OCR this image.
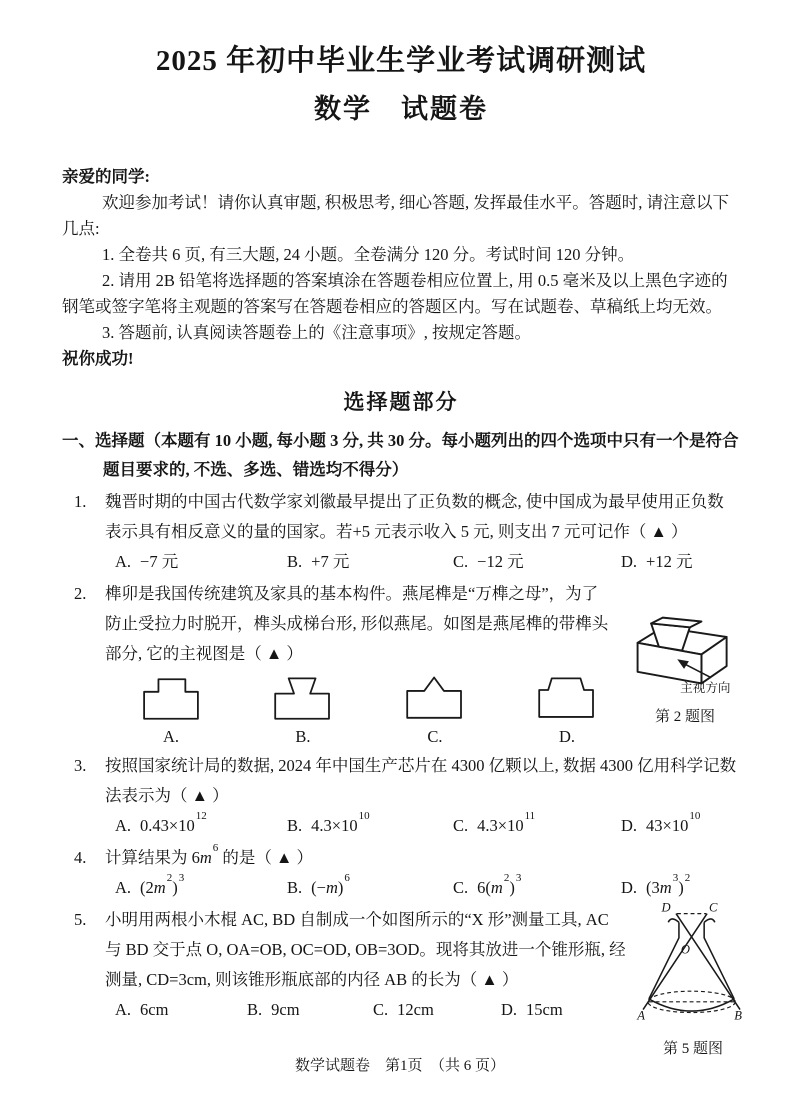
2025 年初中毕业生学业考试调研测试
数学　试题卷

亲爱的同学:

欢迎参加考试！请你认真审题, 积极思考, 细心答题, 发挥最佳水平。答题时, 请注意以下几点:

1. 全卷共 6 页, 有三大题, 24 小题。全卷满分 120 分。考试时间 120 分钟。

2. 请用 2B 铅笔将选择题的答案填涂在答题卷相应位置上, 用 0.5 毫米及以上黑色字迹的钢笔或签字笔将主观题的答案写在答题卷相应的答题区内。写在试题卷、草稿纸上均无效。

3. 答题前, 认真阅读答题卷上的《注意事项》, 按规定答题。

祝你成功!

选择题部分

一、选择题（本题有 10 小题, 每小题 3 分, 共 30 分。每小题列出的四个选项中只有一个是符合题目要求的, 不选、多选、错选均不得分）

1.	魏晋时期的中国古代数学家刘徽最早提出了正负数的概念, 使中国成为最早使用正负数表示具有相反意义的量的国家。若+5 元表示收入 5 元, 则支出 7 元可记作（ ▲ ）

A. −7 元	B. +7 元	C. −12 元	D. +12 元
2.	榫卯是我国传统建筑及家具的基本构件。燕尾榫是“万榫之母”，为了防止受拉力时脱开，榫头成梯台形, 形似燕尾。如图是燕尾榫的带榫头部分, 它的主视图是（ ▲ ）

A.	B.	C.	D.
主视方向
第 2 题图
3.	按照国家统计局的数据, 2024 年中国生产芯片在 4300 亿颗以上, 数据 4300 亿用科学记数法表示为（ ▲ ）

A. $0.43\times 10^{12}$
B. $4.3\times 10^{10}$
C. $4.3\times 10^{11}$
D. $43\times 10^{10}$
4.	计算结果为 $6m^6$ 的是（ ▲ ）

A. $(2m^2)^3$
B. $(-m)^6$
C. $6(m^2)^3$
D. $(3m^3)^2$
5.	小明用两根小木棍 AC, BD 自制成一个如图所示的“X 形”测量工具, AC 与 BD 交于点 O, OA=OB, OC=OD, OB=3OD。现将其放进一个锥形瓶, 经测量, CD=3cm, 则该锥形瓶底部的内径 AB 的长为（ ▲ ）

A. 6cm	B. 9cm	C. 12cm	D. 15cm
D	C
O
A	B
第 5 题图
数学试题卷　第1页　（共 6 页）
